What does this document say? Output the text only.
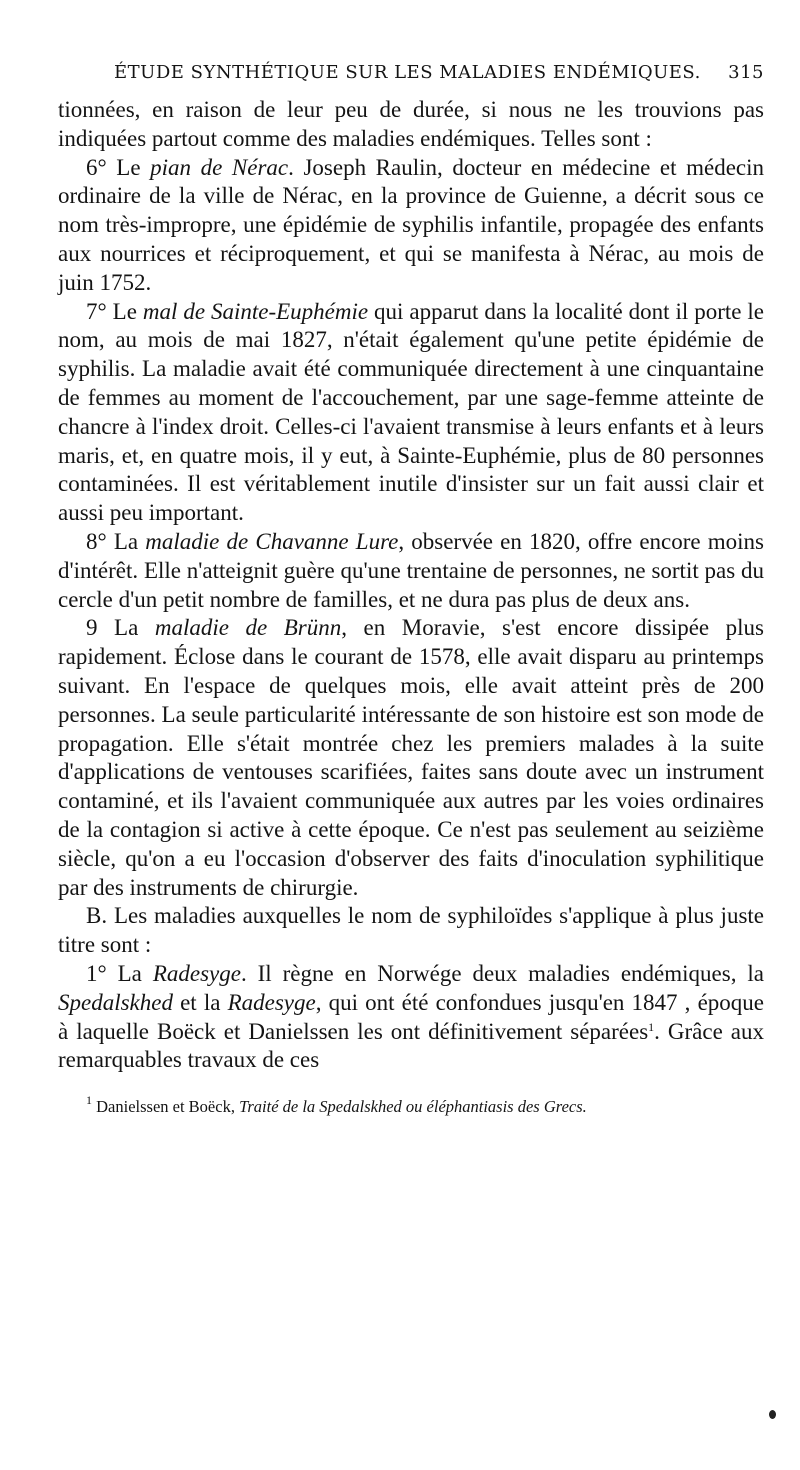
ÉTUDE SYNTHÉTIQUE SUR LES MALADIES ENDÉMIQUES. 315

tionnées, en raison de leur peu de durée, si nous ne les trouvions pas indiquées partout comme des maladies endémiques. Telles sont :

6° Le pian de Nérac. Joseph Raulin, docteur en médecine et médecin ordinaire de la ville de Nérac, en la province de Guienne, a décrit sous ce nom très-impropre, une épidémie de syphilis infantile, propagée des enfants aux nourrices et réciproquement, et qui se manifesta à Nérac, au mois de juin 1752.

7° Le mal de Sainte-Euphémie qui apparut dans la localité dont il porte le nom, au mois de mai 1827, n'était également qu'une petite épidémie de syphilis. La maladie avait été communiquée directement à une cinquantaine de femmes au moment de l'accouchement, par une sage-femme atteinte de chancre à l'index droit. Celles-ci l'avaient transmise à leurs enfants et à leurs maris, et, en quatre mois, il y eut, à Sainte-Euphémie, plus de 80 personnes contaminées. Il est véritablement inutile d'insister sur un fait aussi clair et aussi peu important.

8° La maladie de Chavanne Lure, observée en 1820, offre encore moins d'intérêt. Elle n'atteignit guère qu'une trentaine de personnes, ne sortit pas du cercle d'un petit nombre de familles, et ne dura pas plus de deux ans.

9 La maladie de Brünn, en Moravie, s'est encore dissipée plus rapidement. Éclose dans le courant de 1578, elle avait disparu au printemps suivant. En l'espace de quelques mois, elle avait atteint près de 200 personnes. La seule particularité intéressante de son histoire est son mode de propagation. Elle s'était montrée chez les premiers malades à la suite d'applications de ventouses scarifiées, faites sans doute avec un instrument contaminé, et ils l'avaient communiquée aux autres par les voies ordinaires de la contagion si active à cette époque. Ce n'est pas seulement au seizième siècle, qu'on a eu l'occasion d'observer des faits d'inoculation syphilitique par des instruments de chirurgie.

B. Les maladies auxquelles le nom de syphiloïdes s'applique à plus juste titre sont :

1° La Radesyge. Il règne en Norwége deux maladies endémiques, la Spedalskhed et la Radesyge, qui ont été confondues jusqu'en 1847 , époque à laquelle Boëck et Danielssen les ont définitivement séparées$^1$. Grâce aux remarquables travaux de ces

$^1$ Danielssen et Boëck, Traité de la Spedalskhed ou éléphantiasis des Grecs.
